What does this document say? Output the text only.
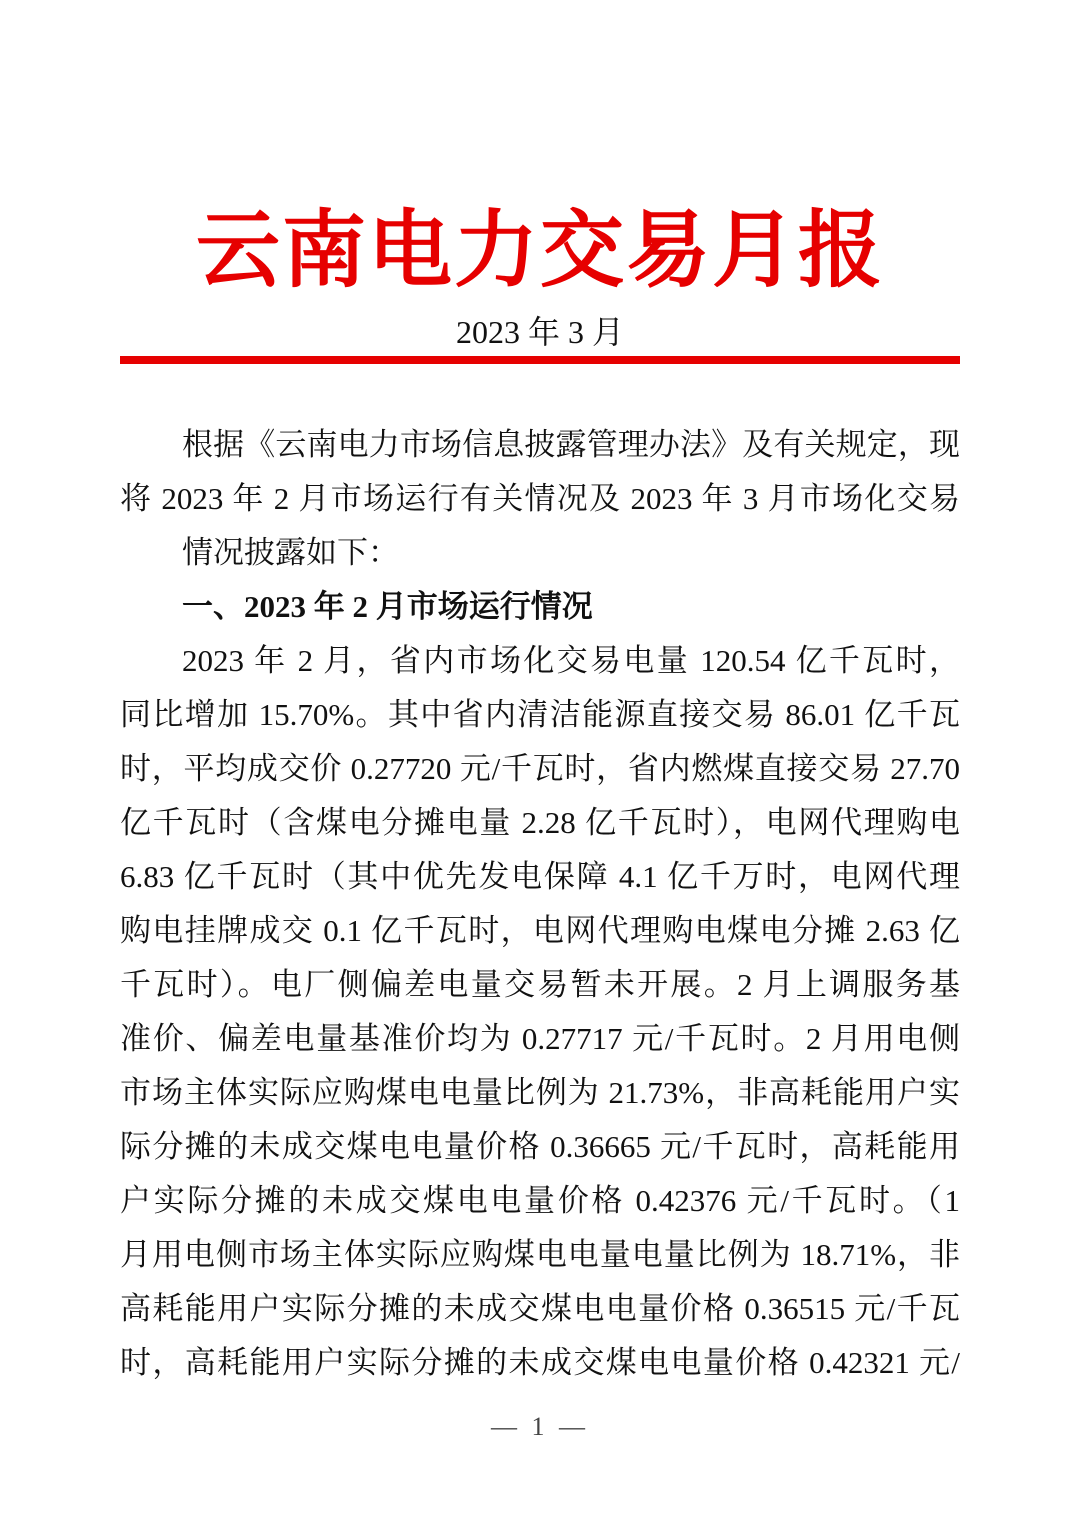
云南电力交易月报
2023 年 3 月
根据《云南电力市场信息披露管理办法》及有关规定，现
将 2023 年 2 月市场运行有关情况及 2023 年 3 月市场化交易
情况披露如下：
一、2023 年 2 月市场运行情况
2023 年 2 月，省内市场化交易电量 120.54 亿千瓦时，
同比增加 15.70%。其中省内清洁能源直接交易 86.01 亿千瓦
时，平均成交价 0.27720 元/千瓦时，省内燃煤直接交易 27.70
亿千瓦时（含煤电分摊电量 2.28 亿千瓦时），电网代理购电
6.83 亿千瓦时（其中优先发电保障 4.1 亿千万时，电网代理
购电挂牌成交 0.1 亿千瓦时，电网代理购电煤电分摊 2.63 亿
千瓦时）。电厂侧偏差电量交易暂未开展。2 月上调服务基
准价、偏差电量基准价均为 0.27717 元/千瓦时。2 月用电侧
市场主体实际应购煤电电量比例为 21.73%，非高耗能用户实
际分摊的未成交煤电电量价格 0.36665 元/千瓦时，高耗能用
户实际分摊的未成交煤电电量价格 0.42376 元/千瓦时。（1
月用电侧市场主体实际应购煤电电量电量比例为 18.71%，非
高耗能用户实际分摊的未成交煤电电量价格 0.36515 元/千瓦
时，高耗能用户实际分摊的未成交煤电电量价格 0.42321 元/
— 1 —
